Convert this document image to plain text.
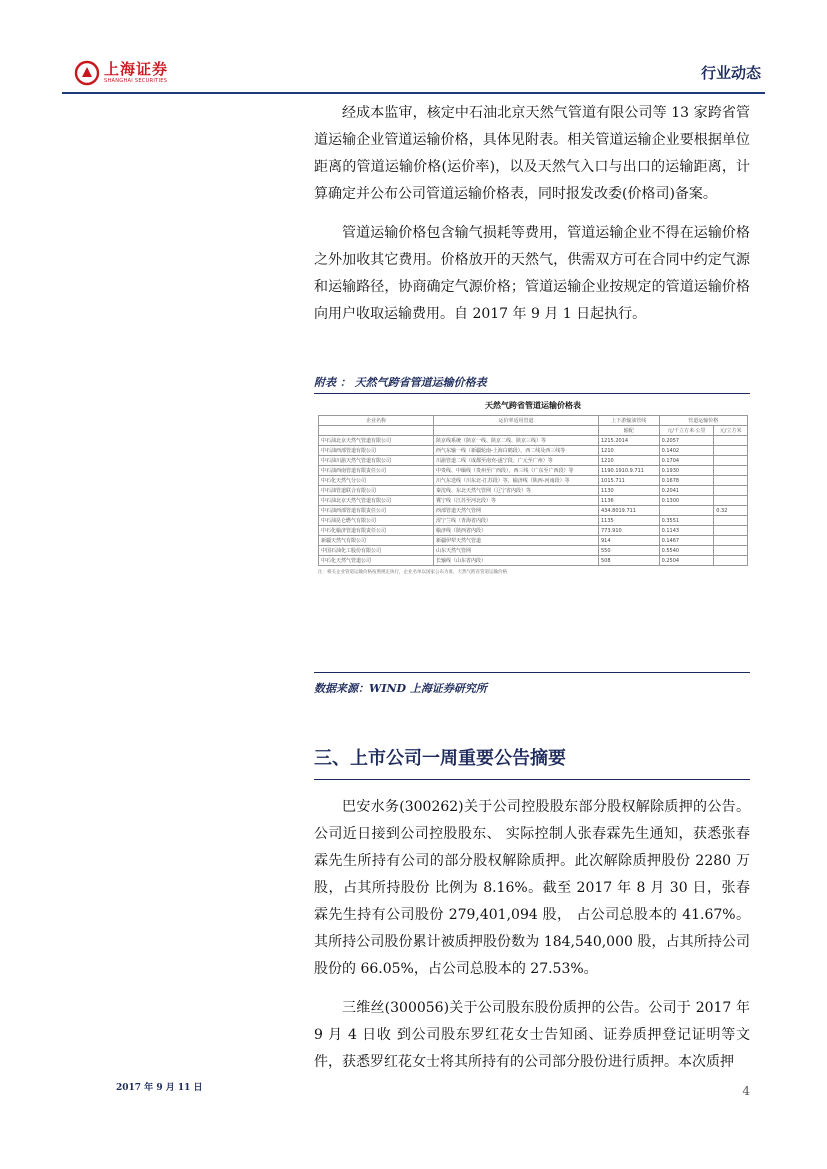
上海证券
SHANGHAI SECURITIES	行业动态

经成本监审，核定中石油北京天然气管道有限公司等 13 家跨省管道运输企业管道运输价格，具体见附表。相关管道运输企业要根据单位距离的管道运输价格(运价率)，以及天然气入口与出口的运输距离，计算确定并公布公司管道运输价格表，同时报发改委(价格司)备案。

管道运输价格包含输气损耗等费用，管道运输企业不得在运输价格之外加收其它费用。价格放开的天然气，供需双方可在合同中约定气源和运输路径，协商确定气源价格；管道运输企业按规定的管道运输价格向用户收取运输费用。自 2017 年 9 月 1 日起执行。

附表 ： 天然气跨省管道运输价格表
天然气跨省管道运输价格表
企业名称	运价率适用管道	上下游输油管线	管道运输价格	
		输配	元/千立方米·公里	元/立方米
中石油北京天然气管道有限公司	陕京线系统（陕京一线、陕京二线、陕京三线）等	1215.2014	0.2057	
中石油西部管道有限公司	西气东输一线（新疆轮南-上海白鹤段），西二线及西三线等	1210	0.1402	
中石油川渝天然气管道有限公司	川渝管道二线（成都至南充-遂宁段、广元至广州）等	1210	0.1704	
中石油西南管道有限责任公司	中贵线、中缅线（贵州至广西段），西三线（广东至广西段）等	1190.1910.9.711	0.1930	
中石化天然气分公司	川气东送线（川东北-江苏段）等，榆济线（陕西-河南段）等	1015.711	0.1678	
中石油管道联合有限公司	秦沈线、东北天然气管网（辽宁省内段）等	1130	0.2041	
中石油北京天然气管道有限公司	冀宁线（江苏至河北段）等	1136	0.1300	
中石油西部管道有限责任公司	西部管道天然气管网	434.8019.711		0.32
中石油昆仑燃气有限公司	涩宁兰线（青海省内段）	1135	0.3551	
中石化榆济管道有限责任公司	榆济线（陕西省内段）	773.910	0.1143	
新疆天然气有限公司	新疆伊犁天然气管道	914	0.1467	
中国石油化工股份有限公司	山东天然气管网	550	0.5540	
中石化天然气管道公司	长输线（山东省内段）	508	0.2504	
注：相关企业管道运输价格按照规定执行，企业名单以国家公布为准，天然气跨省管道运输价格
数据来源：WIND 上海证券研究所
三、上市公司一周重要公告摘要

巴安水务(300262)关于公司控股股东部分股权解除质押的公告。公司近日接到公司控股股东、 实际控制人张春霖先生通知，获悉张春霖先生所持有公司的部分股权解除质押。此次解除质押股份 2280 万股，占其所持股份 比例为 8.16%。截至 2017 年 8 月 30 日，张春霖先生持有公司股份 279,401,094 股， 占公司总股本的 41.67%。 其所持公司股份累计被质押股份数为 184,540,000 股，占其所持公司股份的 66.05%，占公司总股本的 27.53%。

三维丝(300056)关于公司股东股份质押的公告。公司于 2017 年 9 月 4 日收 到公司股东罗红花女士告知函、证券质押登记证明等文件，获悉罗红花女士将其所持有的公司部分股份进行质押。本次质押

2017 年 9 月 11 日	4
